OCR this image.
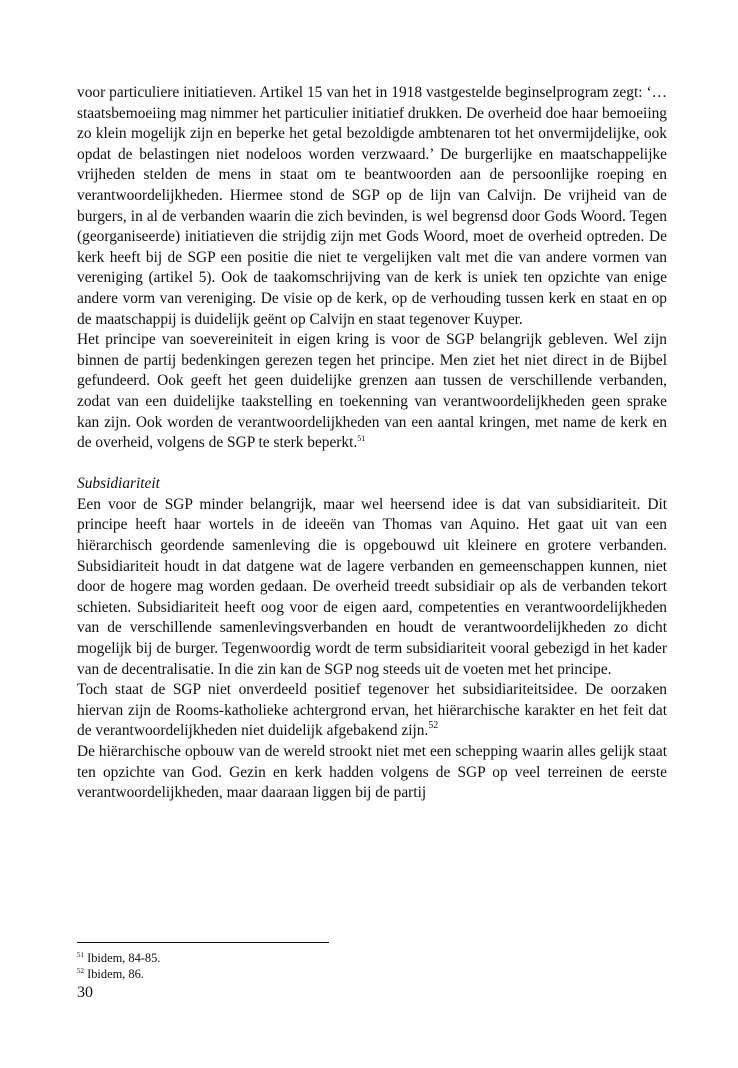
voor particuliere initiatieven. Artikel 15 van het in 1918 vastgestelde beginselprogram zegt: ‘…staatsbemoeiing mag nimmer het particulier initiatief drukken. De overheid doe haar bemoeiing zo klein mogelijk zijn en beperke het getal bezoldigde ambtenaren tot het onvermijdelijke, ook opdat de belastingen niet nodeloos worden verzwaard.’ De burgerlijke en maatschappelijke vrijheden stelden de mens in staat om te beantwoorden aan de persoonlijke roeping en verantwoordelijkheden. Hiermee stond de SGP op de lijn van Calvijn. De vrijheid van de burgers, in al de verbanden waarin die zich bevinden, is wel begrensd door Gods Woord. Tegen (georganiseerde) initiatieven die strijdig zijn met Gods Woord, moet de overheid optreden. De kerk heeft bij de SGP een positie die niet te vergelijken valt met die van andere vormen van vereniging (artikel 5). Ook de taakomschrijving van de kerk is uniek ten opzichte van enige andere vorm van vereniging. De visie op de kerk, op de verhouding tussen kerk en staat en op de maatschappij is duidelijk geënt op Calvijn en staat tegenover Kuyper.

Het principe van soevereiniteit in eigen kring is voor de SGP belangrijk gebleven. Wel zijn binnen de partij bedenkingen gerezen tegen het principe. Men ziet het niet direct in de Bijbel gefundeerd. Ook geeft het geen duidelijke grenzen aan tussen de verschillende verbanden, zodat van een duidelijke taakstelling en toekenning van verantwoordelijkheden geen sprake kan zijn. Ook worden de verantwoordelijkheden van een aantal kringen, met name de kerk en de overheid, volgens de SGP te sterk beperkt.$^{51}$

Subsidiariteit

Een voor de SGP minder belangrijk, maar wel heersend idee is dat van subsidiariteit. Dit principe heeft haar wortels in de ideeën van Thomas van Aquino. Het gaat uit van een hiërarchisch geordende samenleving die is opgebouwd uit kleinere en grotere verbanden. Subsidiariteit houdt in dat datgene wat de lagere verbanden en gemeenschappen kunnen, niet door de hogere mag worden gedaan. De overheid treedt subsidiair op als de verbanden tekort schieten. Subsidiariteit heeft oog voor de eigen aard, competenties en verantwoordelijkheden van de verschillende samenlevingsverbanden en houdt de verantwoordelijkheden zo dicht mogelijk bij de burger. Tegenwoordig wordt de term subsidiariteit vooral gebezigd in het kader van de decentralisatie. In die zin kan de SGP nog steeds uit de voeten met het principe.

Toch staat de SGP niet onverdeeld positief tegenover het subsidiariteitsidee. De oorzaken hiervan zijn de Rooms-katholieke achtergrond ervan, het hiërarchische karakter en het feit dat de verantwoordelijkheden niet duidelijk afgebakend zijn.$^{52}$

De hiërarchische opbouw van de wereld strookt niet met een schepping waarin alles gelijk staat ten opzichte van God. Gezin en kerk hadden volgens de SGP op veel terreinen de eerste verantwoordelijkheden, maar daaraan liggen bij de partij

$^{51}$ Ibidem, 84-85.
$^{52}$ Ibidem, 86.
30
